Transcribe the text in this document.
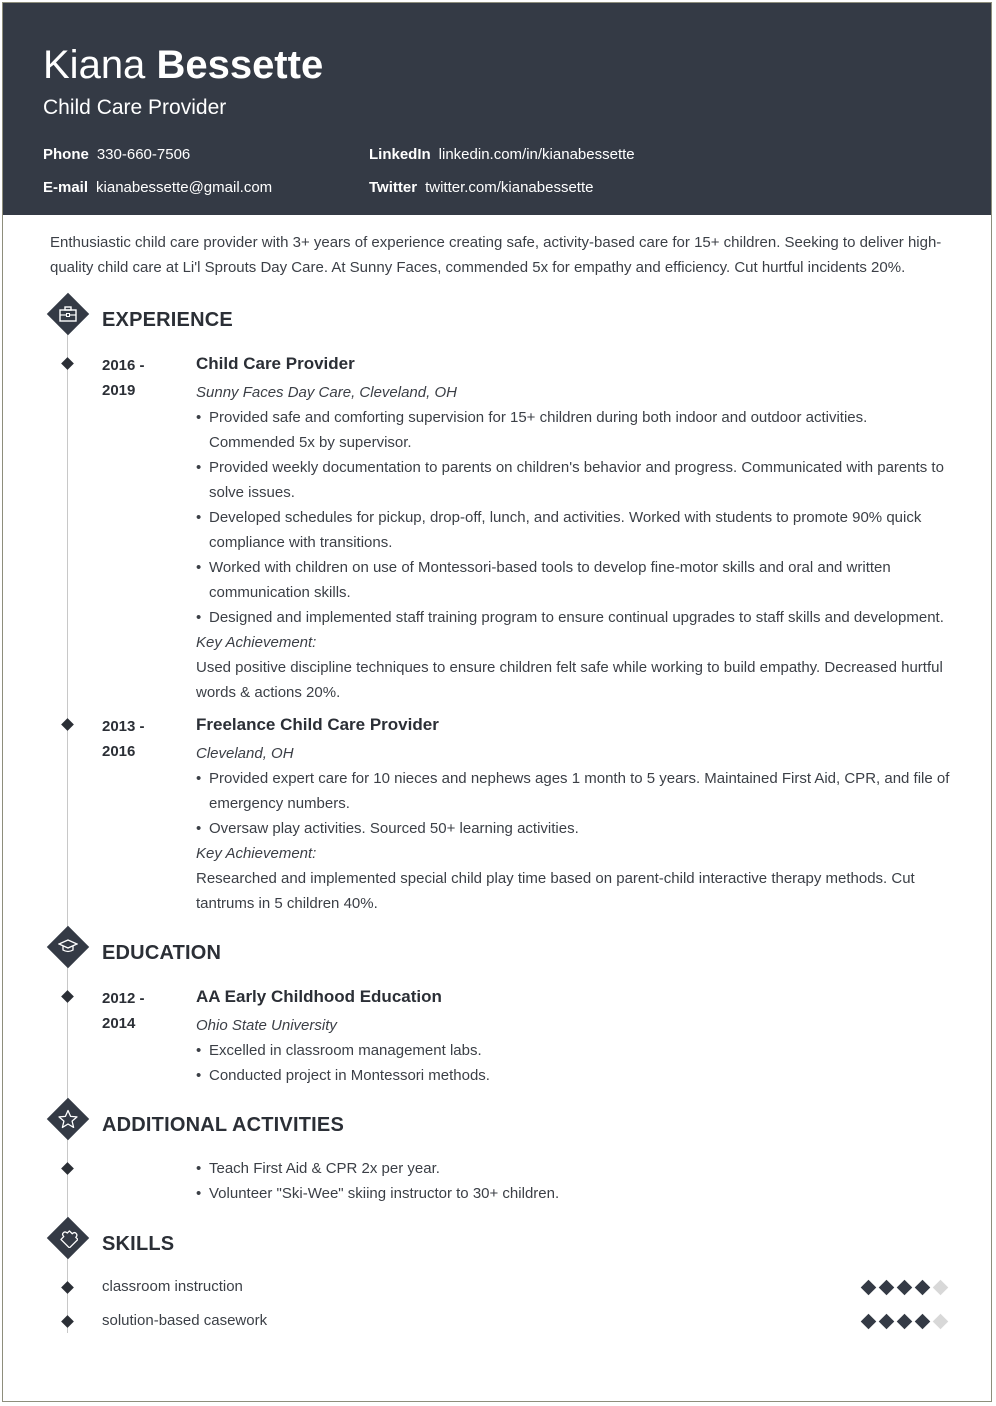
Kiana Bessette
Child Care Provider
Phone 330-660-7506	LinkedIn linkedin.com/in/kianabessette
E-mail kianabessette@gmail.com	Twitter twitter.com/kianabessette
Enthusiastic child care provider with 3+ years of experience creating safe, activity-based care for 15+ children. Seeking to deliver high-quality child care at Li'l Sprouts Day Care. At Sunny Faces, commended 5x for empathy and efficiency. Cut hurtful incidents 20%.
EXPERIENCE
2016 -
2019
Child Care Provider
Sunny Faces Day Care, Cleveland, OH
• Provided safe and comforting supervision for 15+ children during both indoor and outdoor activities. Commended 5x by supervisor.
• Provided weekly documentation to parents on children's behavior and progress. Communicated with parents to solve issues.
• Developed schedules for pickup, drop-off, lunch, and activities. Worked with students to promote 90% quick compliance with transitions.
• Worked with children on use of Montessori-based tools to develop fine-motor skills and oral and written communication skills.
• Designed and implemented staff training program to ensure continual upgrades to staff skills and development.
Key Achievement:
Used positive discipline techniques to ensure children felt safe while working to build empathy. Decreased hurtful words & actions 20%.
2013 -
2016
Freelance Child Care Provider
Cleveland, OH
• Provided expert care for 10 nieces and nephews ages 1 month to 5 years. Maintained First Aid, CPR, and file of emergency numbers.
• Oversaw play activities. Sourced 50+ learning activities.
Key Achievement:
Researched and implemented special child play time based on parent-child interactive therapy methods. Cut tantrums in 5 children 40%.
EDUCATION
2012 -
2014
AA Early Childhood Education
Ohio State University
• Excelled in classroom management labs.
• Conducted project in Montessori methods.
ADDITIONAL ACTIVITIES
• Teach First Aid & CPR 2x per year.
• Volunteer "Ski-Wee" skiing instructor to 30+ children.
SKILLS
classroom instruction
solution-based casework
